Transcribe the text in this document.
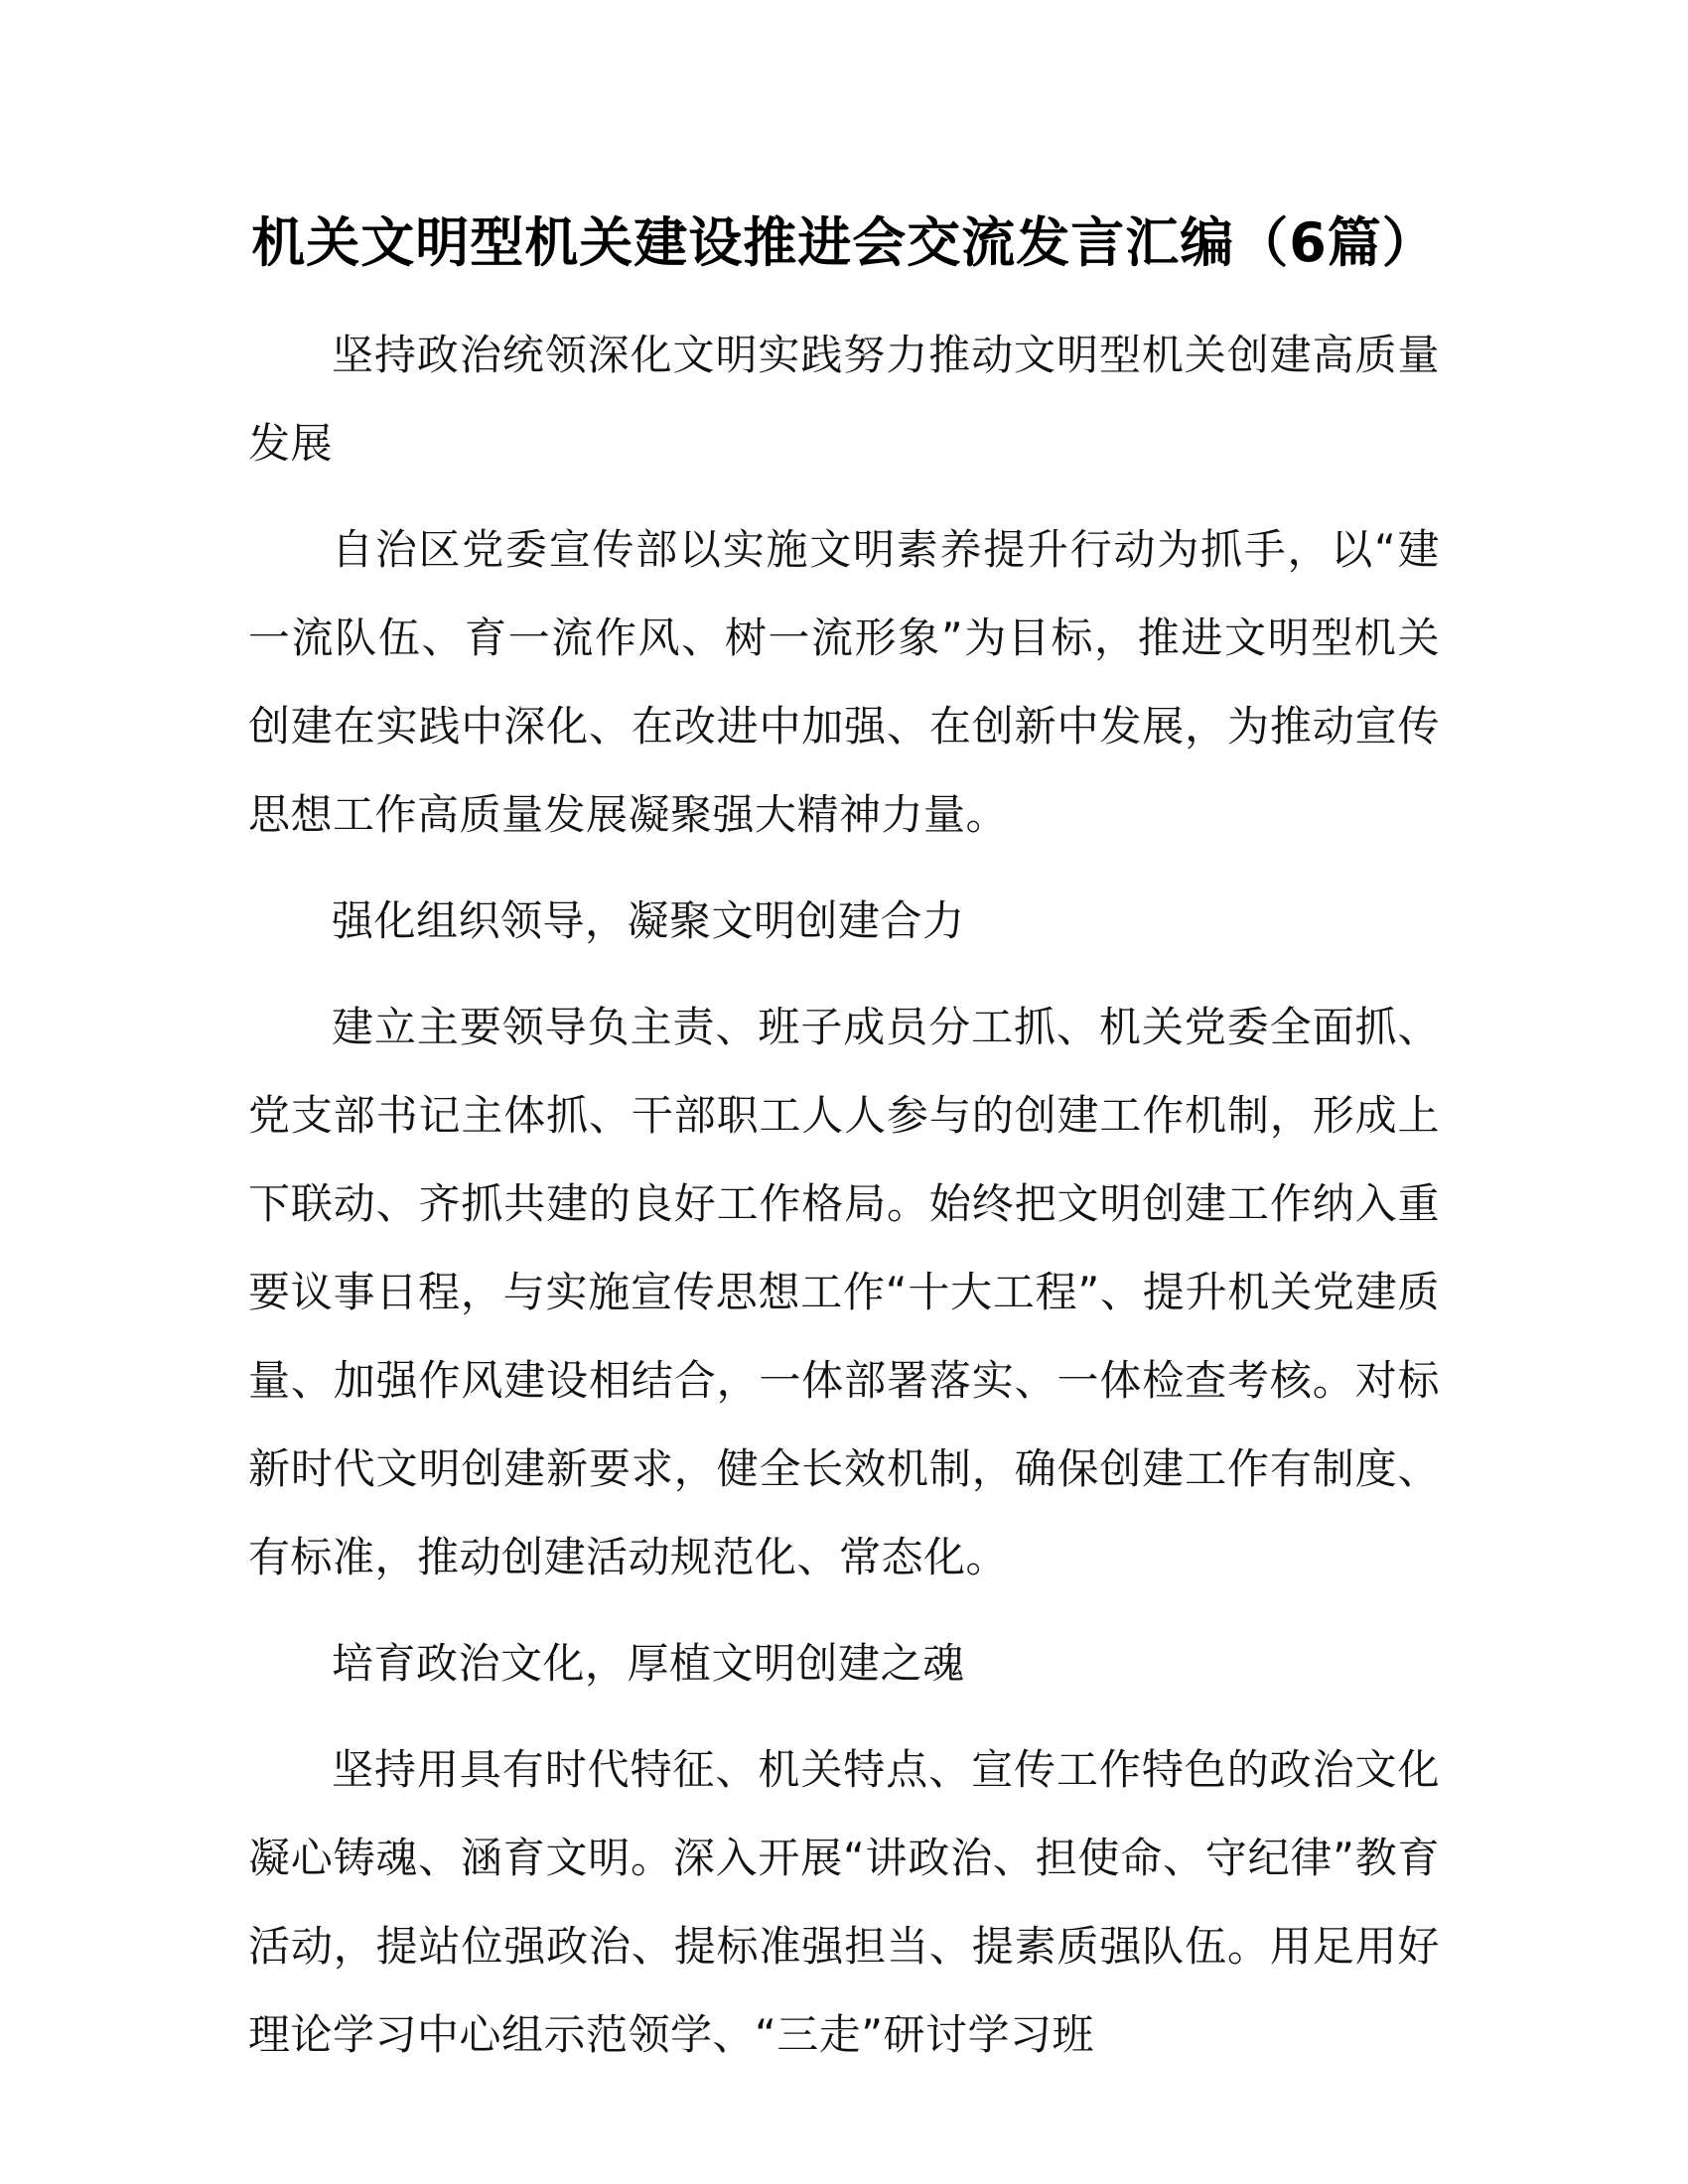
机关文明型机关建设推进会交流发言汇编（6篇）

坚持政治统领深化文明实践努力推动文明型机关创建高质量发展

自治区党委宣传部以实施文明素养提升行动为抓手，以“建一流队伍、育一流作风、树一流形象”为目标，推进文明型机关创建在实践中深化、在改进中加强、在创新中发展，为推动宣传思想工作高质量发展凝聚强大精神力量。

强化组织领导，凝聚文明创建合力

建立主要领导负主责、班子成员分工抓、机关党委全面抓、党支部书记主体抓、干部职工人人参与的创建工作机制，形成上下联动、齐抓共建的良好工作格局。始终把文明创建工作纳入重要议事日程，与实施宣传思想工作“十大工程”、提升机关党建质量、加强作风建设相结合，一体部署落实、一体检查考核。对标新时代文明创建新要求，健全长效机制，确保创建工作有制度、有标准，推动创建活动规范化、常态化。

培育政治文化，厚植文明创建之魂

坚持用具有时代特征、机关特点、宣传工作特色的政治文化凝心铸魂、涵育文明。深入开展“讲政治、担使命、守纪律”教育活动，提站位强政治、提标准强担当、提素质强队伍。用足用好理论学习中心组示范领学、“三走”研讨学习班
